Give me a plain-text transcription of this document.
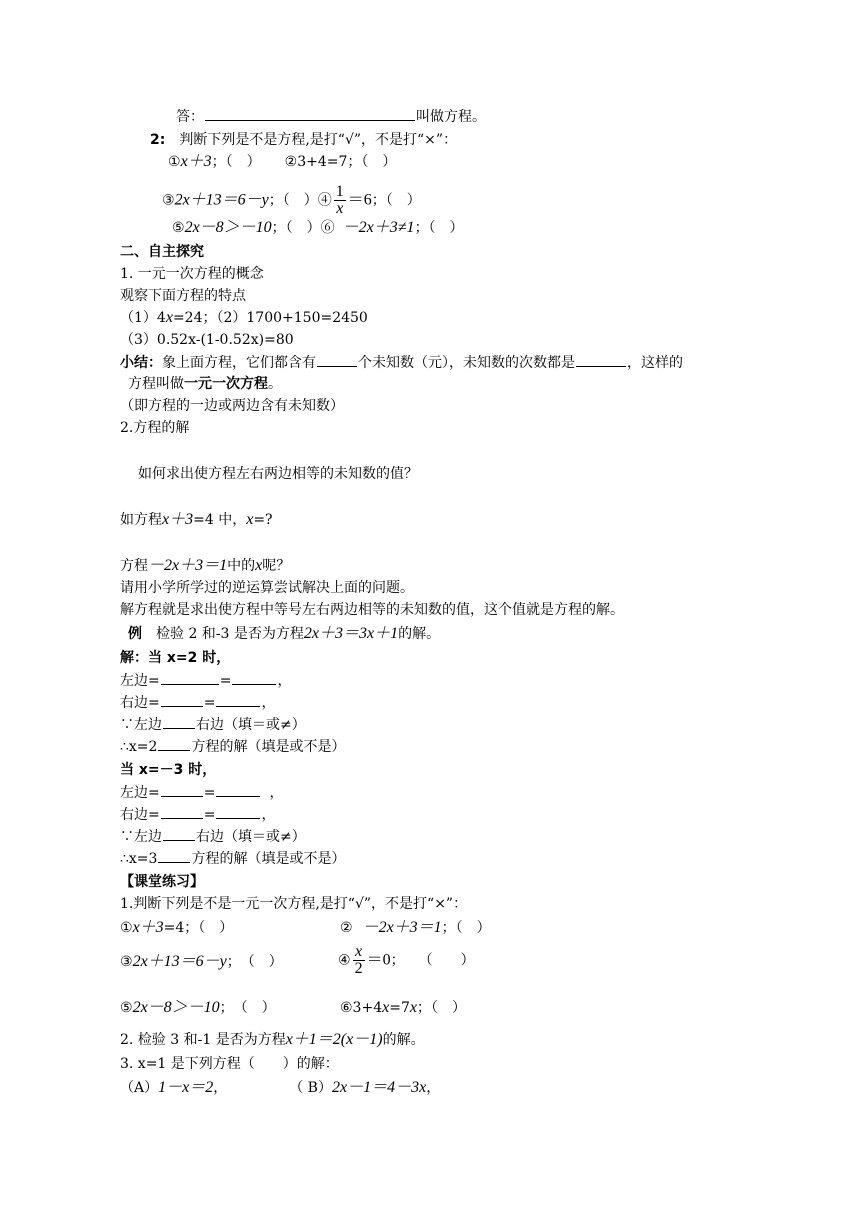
答：	叫做方程。
2: 判断下列是不是方程,是打“√”，不是打“×”：
①x＋3；（　） ②3+4=7；（　）
③2x＋13＝6－y；（　）④ $\frac{1}{x} =6$；（　）
⑤2x－8＞－10；（　）⑥ －2x＋3≠1；（　）
二、自主探究
1. 一元一次方程的概念
观察下面方程的特点
（1）4x=24；（2）1700+150=2450
（3）0.52x-(1-0.52x)=80
小结：象上面方程，它们都含有	个未知数（元），未知数的次数都是	，这样的
方程叫做一元一次方程。
（即方程的一边或两边含有未知数）
2.方程的解
如何求出使方程左右两边相等的未知数的值？
如方程x＋3=4 中，x=?
方程－2x＋3＝1中的x呢？
请用小学所学过的逆运算尝试解决上面的问题。
解方程就是求出使方程中等号左右两边相等的未知数的值，这个值就是方程的解。
例 检验 2 和-3 是否为方程2x＋3＝3x＋1的解。
解：当 x=2 时，
左边=	=	，
右边=	=	，
∵左边 右边（填＝或≠）
∴x=2 方程的解（填是或不是）
当 x=－3 时，
左边=	=	，
右边=	=	，
∵左边 右边（填＝或≠）
∴x=3 方程的解（填是或不是）
【课堂练习】
1.判断下列是不是一元一次方程,是打“√”，不是打“×”：
①x＋3=4；（　）	② －2x＋3＝1；（　）
③2x＋13＝6－y；　（　）	④ $\frac{x}{2} =0$；　　（　　）
⑤2x－8＞－10；　（　）	⑥3+4x=7x；（　）
2. 检验 3 和-1 是否为方程x＋1＝2(x－1)的解。
3. x=1 是下列方程（　　）的解：
（A）1－x＝2，	（ B）2x－1＝4－3x，
